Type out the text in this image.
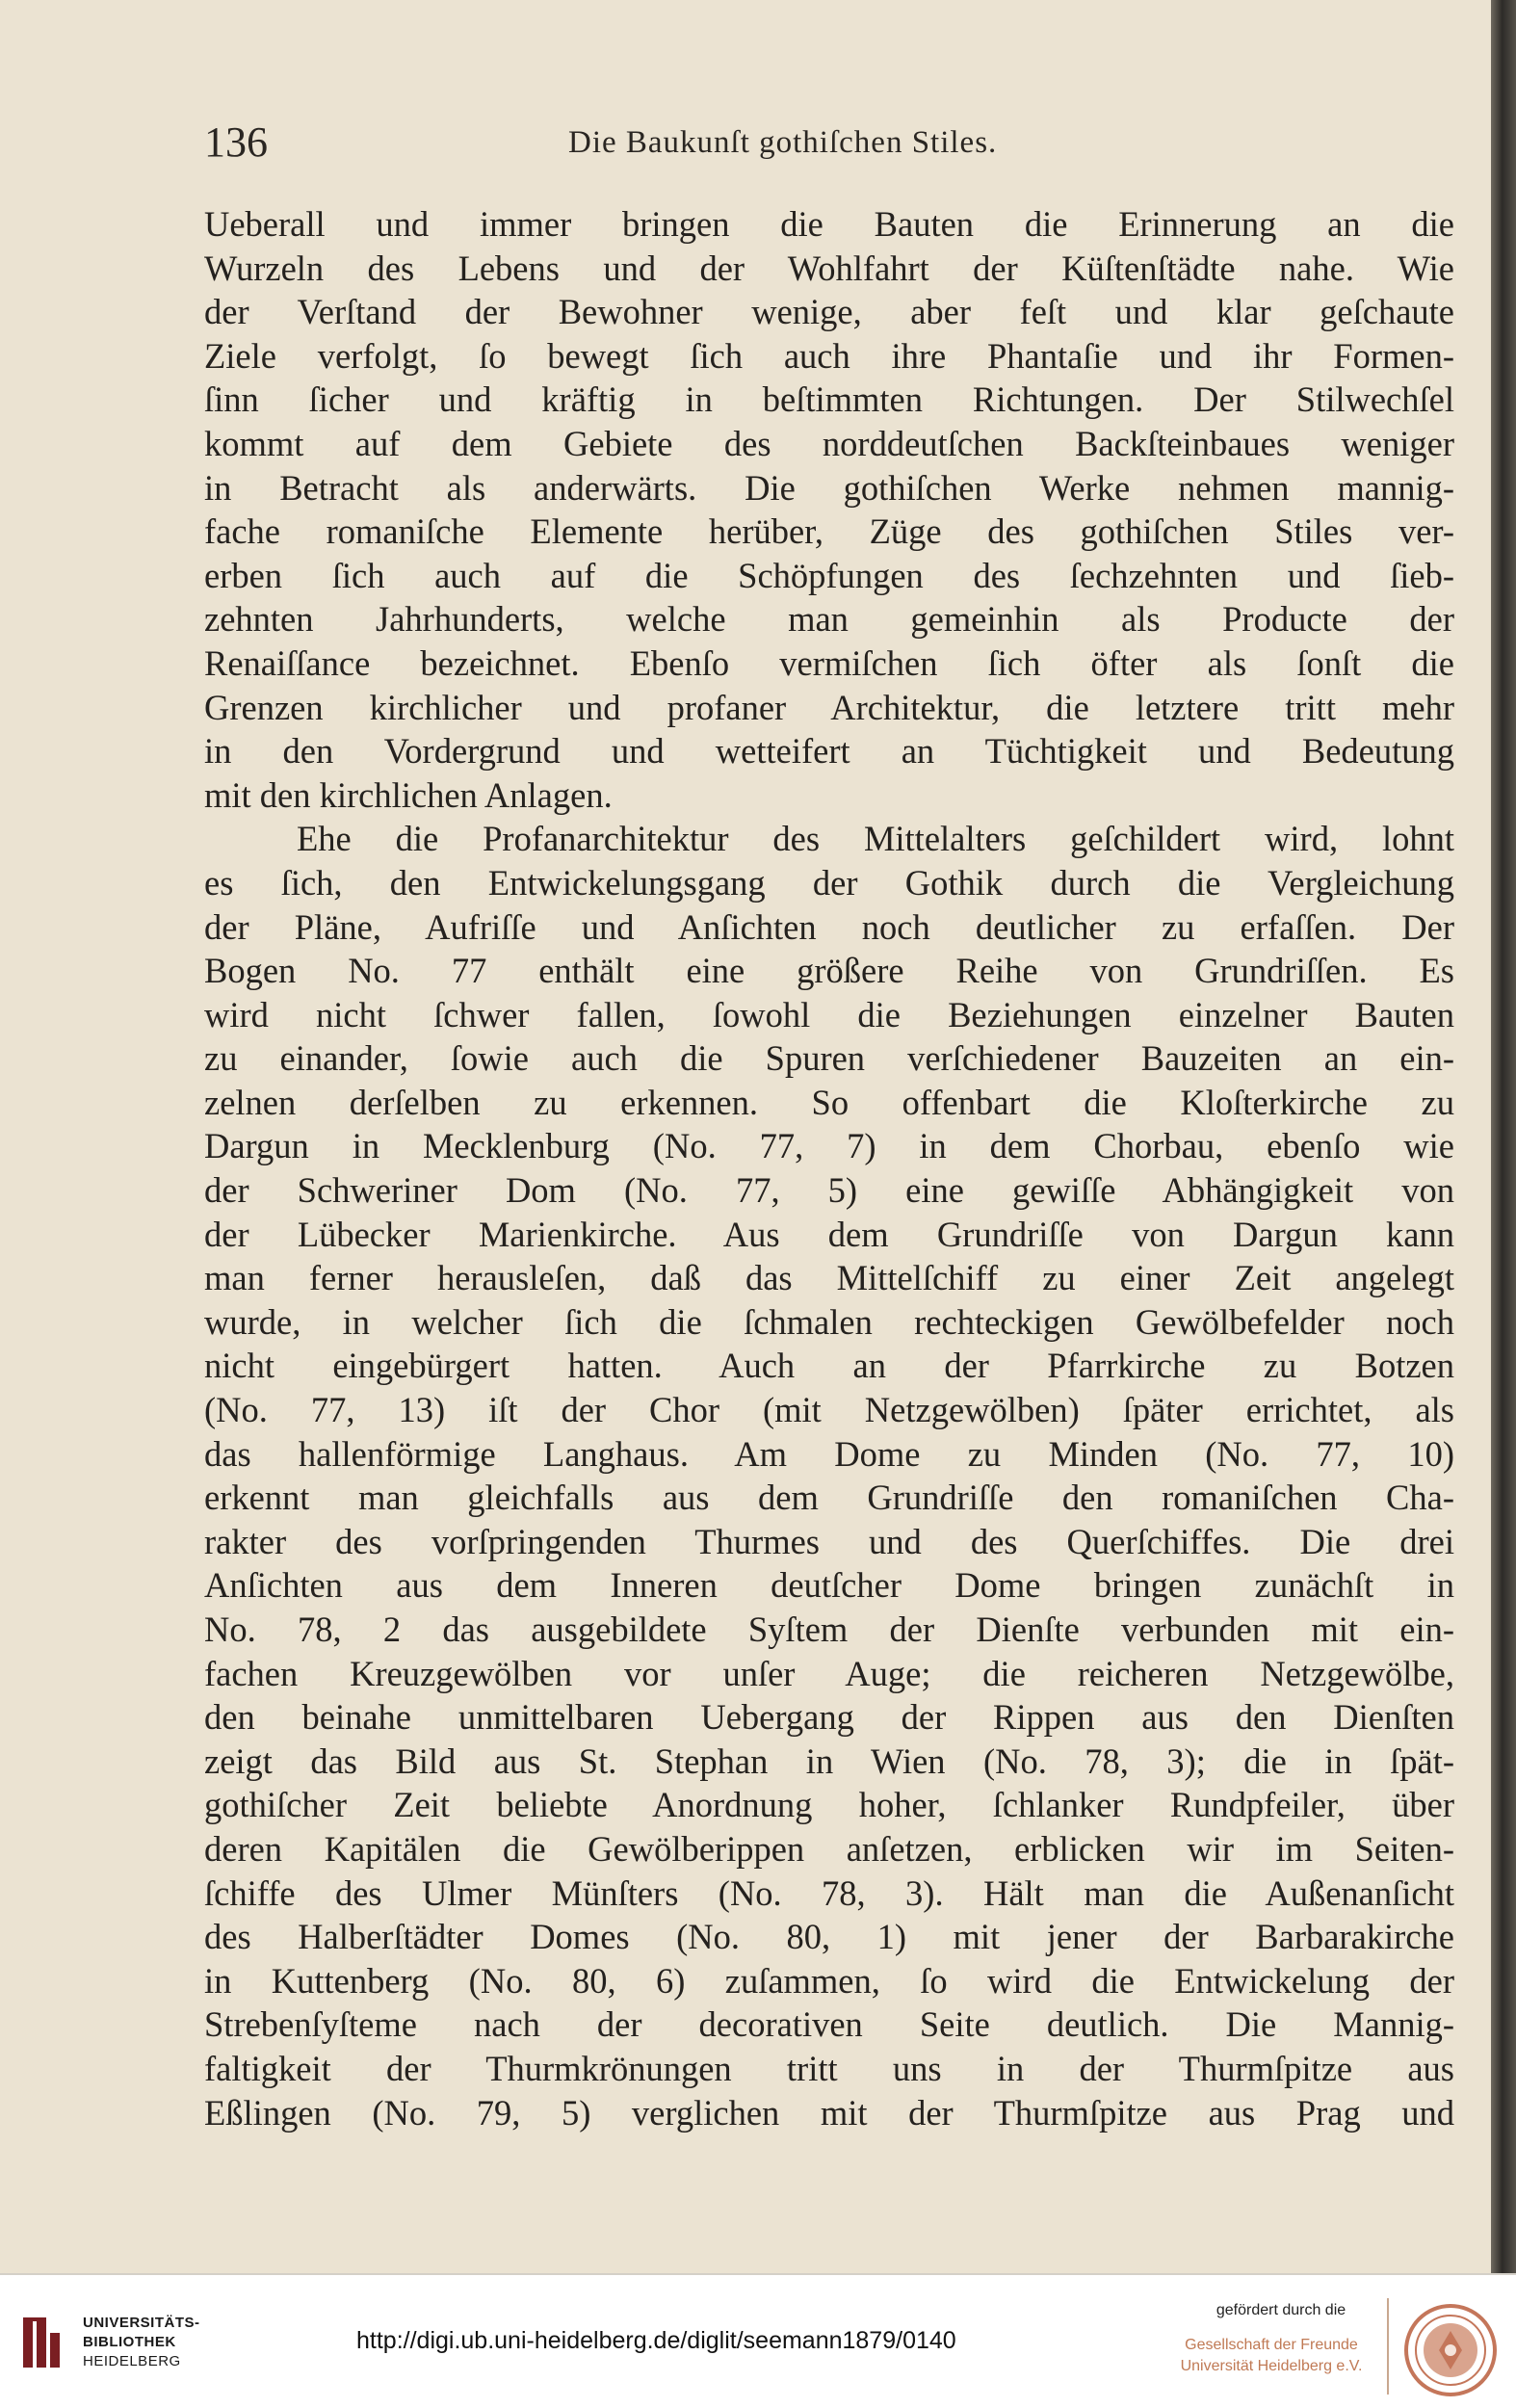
136	Die Baukunſt gothiſchen Stiles.
Ueberall und immer bringen die Bauten die Erinnerung an die
Wurzeln des Lebens und der Wohlfahrt der Küſtenſtädte nahe. Wie
der Verſtand der Bewohner wenige, aber feſt und klar geſchaute
Ziele verfolgt, ſo bewegt ſich auch ihre Phantaſie und ihr Formen-
ſinn ſicher und kräftig in beſtimmten Richtungen. Der Stilwechſel
kommt auf dem Gebiete des norddeutſchen Backſteinbaues weniger
in Betracht als anderwärts. Die gothiſchen Werke nehmen mannig-
fache romaniſche Elemente herüber, Züge des gothiſchen Stiles ver-
erben ſich auch auf die Schöpfungen des ſechzehnten und ſieb-
zehnten Jahrhunderts, welche man gemeinhin als Producte der
Renaiſſance bezeichnet. Ebenſo vermiſchen ſich öfter als ſonſt die
Grenzen kirchlicher und profaner Architektur, die letztere tritt mehr
in den Vordergrund und wetteifert an Tüchtigkeit und Bedeutung
mit den kirchlichen Anlagen.
Ehe die Profanarchitektur des Mittelalters geſchildert wird, lohnt
es ſich, den Entwickelungsgang der Gothik durch die Vergleichung
der Pläne, Aufriſſe und Anſichten noch deutlicher zu erfaſſen. Der
Bogen No. 77 enthält eine größere Reihe von Grundriſſen. Es
wird nicht ſchwer fallen, ſowohl die Beziehungen einzelner Bauten
zu einander, ſowie auch die Spuren verſchiedener Bauzeiten an ein-
zelnen derſelben zu erkennen. So offenbart die Kloſterkirche zu
Dargun in Mecklenburg (No. 77, 7) in dem Chorbau, ebenſo wie
der Schweriner Dom (No. 77, 5) eine gewiſſe Abhängigkeit von
der Lübecker Marienkirche. Aus dem Grundriſſe von Dargun kann
man ferner herausleſen, daß das Mittelſchiff zu einer Zeit angelegt
wurde, in welcher ſich die ſchmalen rechteckigen Gewölbefelder noch
nicht eingebürgert hatten. Auch an der Pfarrkirche zu Botzen
(No. 77, 13) iſt der Chor (mit Netzgewölben) ſpäter errichtet, als
das hallenförmige Langhaus. Am Dome zu Minden (No. 77, 10)
erkennt man gleichfalls aus dem Grundriſſe den romaniſchen Cha-
rakter des vorſpringenden Thurmes und des Querſchiffes. Die drei
Anſichten aus dem Inneren deutſcher Dome bringen zunächſt in
No. 78, 2 das ausgebildete Syſtem der Dienſte verbunden mit ein-
fachen Kreuzgewölben vor unſer Auge; die reicheren Netzgewölbe,
den beinahe unmittelbaren Uebergang der Rippen aus den Dienſten
zeigt das Bild aus St. Stephan in Wien (No. 78, 3); die in ſpät-
gothiſcher Zeit beliebte Anordnung hoher, ſchlanker Rundpfeiler, über
deren Kapitälen die Gewölberippen anſetzen, erblicken wir im Seiten-
ſchiffe des Ulmer Münſters (No. 78, 3). Hält man die Außenanſicht
des Halberſtädter Domes (No. 80, 1) mit jener der Barbarakirche
in Kuttenberg (No. 80, 6) zuſammen, ſo wird die Entwickelung der
Strebenſyſteme nach der decorativen Seite deutlich. Die Mannig-
faltigkeit der Thurmkrönungen tritt uns in der Thurmſpitze aus
Eßlingen (No. 79, 5) verglichen mit der Thurmſpitze aus Prag und
UNIVERSITÄTS-
BIBLIOTHEK
HEIDELBERG
http://digi.ub.uni-heidelberg.de/diglit/seemann1879/0140
gefördert durch die
Gesellschaft der Freunde
Universität Heidelberg e.V.
